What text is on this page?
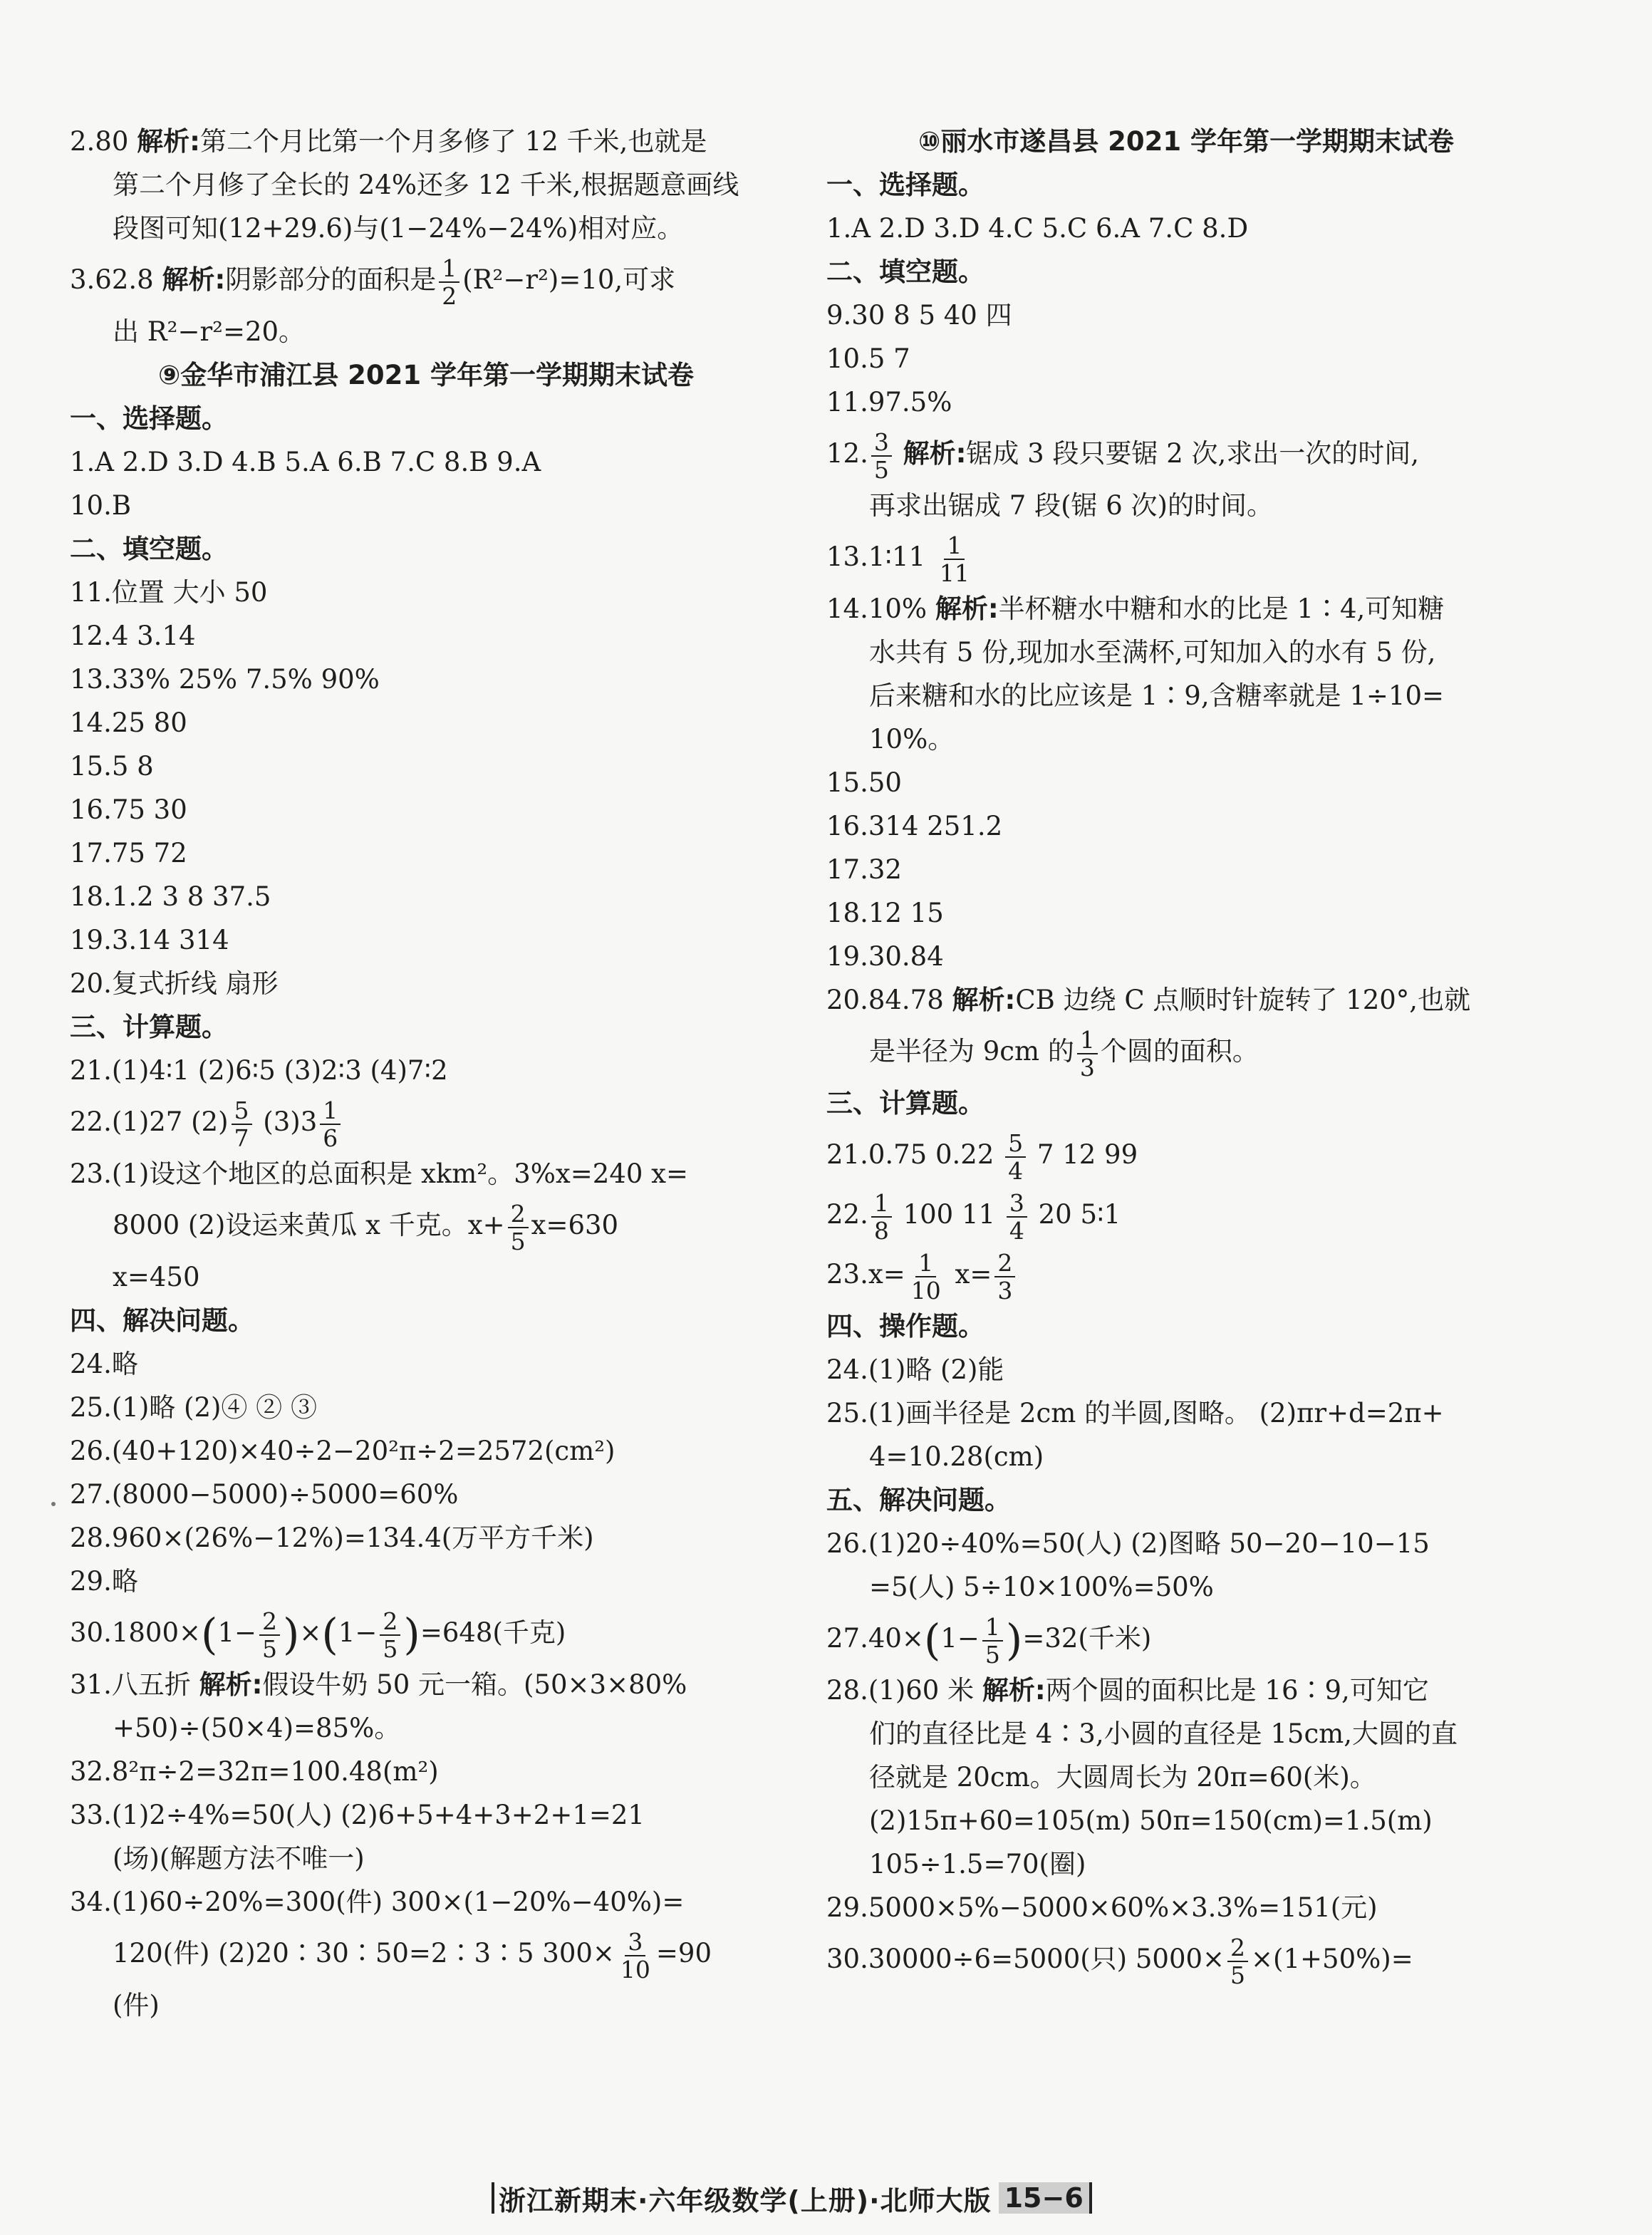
2.80 解析:第二个月比第一个月多修了 12 千米,也就是
第二个月修了全长的 24%还多 12 千米,根据题意画线
段图可知(12+29.6)与(1−24%−24%)相对应。
3.62.8 解析:阴影部分的面积是 $\frac{1}{2} (R^2-r^2)=10$,可求
出 R²−r²=20。
⑨金华市浦江县 2021 学年第一学期期末试卷
一、选择题。
1.A 2.D 3.D 4.B 5.A 6.B 7.C 8.B 9.A
10.B
二、填空题。
11.位置 大小 50
12.4 3.14
13.33% 25% 7.5% 90%
14.25 80
15.5 8
16.75 30
17.75 72
18.1.2 3 8 37.5
19.3.14 314
20.复式折线 扇形
三、计算题。
21.(1)4∶1 (2)6∶5 (3)2∶3 (4)7∶2
22.(1)27 $(2) \frac{5}{7} (3)3 \frac{1}{6}$
23.(1)设这个地区的总面积是 xkm²。3%x=240 x=
8000 (2)设运来黄瓜 x 千克。$x+ \frac{2}{5} x=630$
x=450
四、解决问题。
24.略
25.(1)略 (2)④ ② ③
26.(40+120)×40÷2−20²π÷2=2572(cm²)
27.(8000−5000)÷5000=60%
28.960×(26%−12%)=134.4(万平方千米)
29.略
$30.1800\times(1- \frac{2}{5} )\times(1- \frac{2}{5} )=648$(千克)
31.八五折 解析:假设牛奶 50 元一箱。(50×3×80%
+50)÷(50×4)=85%。
32.8²π÷2=32π=100.48(m²)
33.(1)2÷4%=50(人) (2)6+5+4+3+2+1=21
(场)(解题方法不唯一)
34.(1)60÷20%=300(件) 300×(1−20%−40%)=
120(件) (2)20∶30∶50=2∶3∶5 $300\times \frac{3}{10} =90$
(件)
⑩丽水市遂昌县 2021 学年第一学期期末试卷
一、选择题。
1.A 2.D 3.D 4.C 5.C 6.A 7.C 8.D
二、填空题。
9.30 8 5 40 四
10.5 7
11.97.5%
12. $\frac{3}{5}$ 解析:锯成 3 段只要锯 2 次,求出一次的时间,
再求出锯成 7 段(锯 6 次)的时间。
13.1∶11 $\frac{1}{11}$
14.10% 解析:半杯糖水中糖和水的比是 1∶4,可知糖
水共有 5 份,现加水至满杯,可知加入的水有 5 份,
后来糖和水的比应该是 1∶9,含糖率就是 1÷10=
10%。
15.50
16.314 251.2
17.32
18.12 15
19.30.84
20.84.78 解析:CB 边绕 C 点顺时针旋转了 120°,也就
是半径为 9cm 的 $\frac{1}{3}$ 个圆的面积。
三、计算题。
21.0.75 $0.22 \frac{5}{4} 7$ 12 99
22. $\frac{1}{8} 100$ $11 \frac{3}{4} 20$ 5∶1
$23.x= \frac{1}{10} x= \frac{2}{3}$
四、操作题。
24.(1)略 (2)能
25.(1)画半径是 2cm 的半圆,图略。 (2)πr+d=2π+
4=10.28(cm)
五、解决问题。
26.(1)20÷40%=50(人) (2)图略 50−20−10−15
=5(人) 5÷10×100%=50%
$27.40\times(1- \frac{1}{5} )=32$(千米)
28.(1)60 米 解析:两个圆的面积比是 16∶9,可知它
们的直径比是 4∶3,小圆的直径是 15cm,大圆的直
径就是 20cm。大圆周长为 20π=60(米)。
(2)15π+60=105(m) 50π=150(cm)=1.5(m)
105÷1.5=70(圈)
29.5000×5%−5000×60%×3.3%=151(元)
30.30000÷6=5000(只) $5000\times \frac{2}{5} \times(1+50\%)=$
浙江新期末·六年级数学(上册)·北师大版 15−6
